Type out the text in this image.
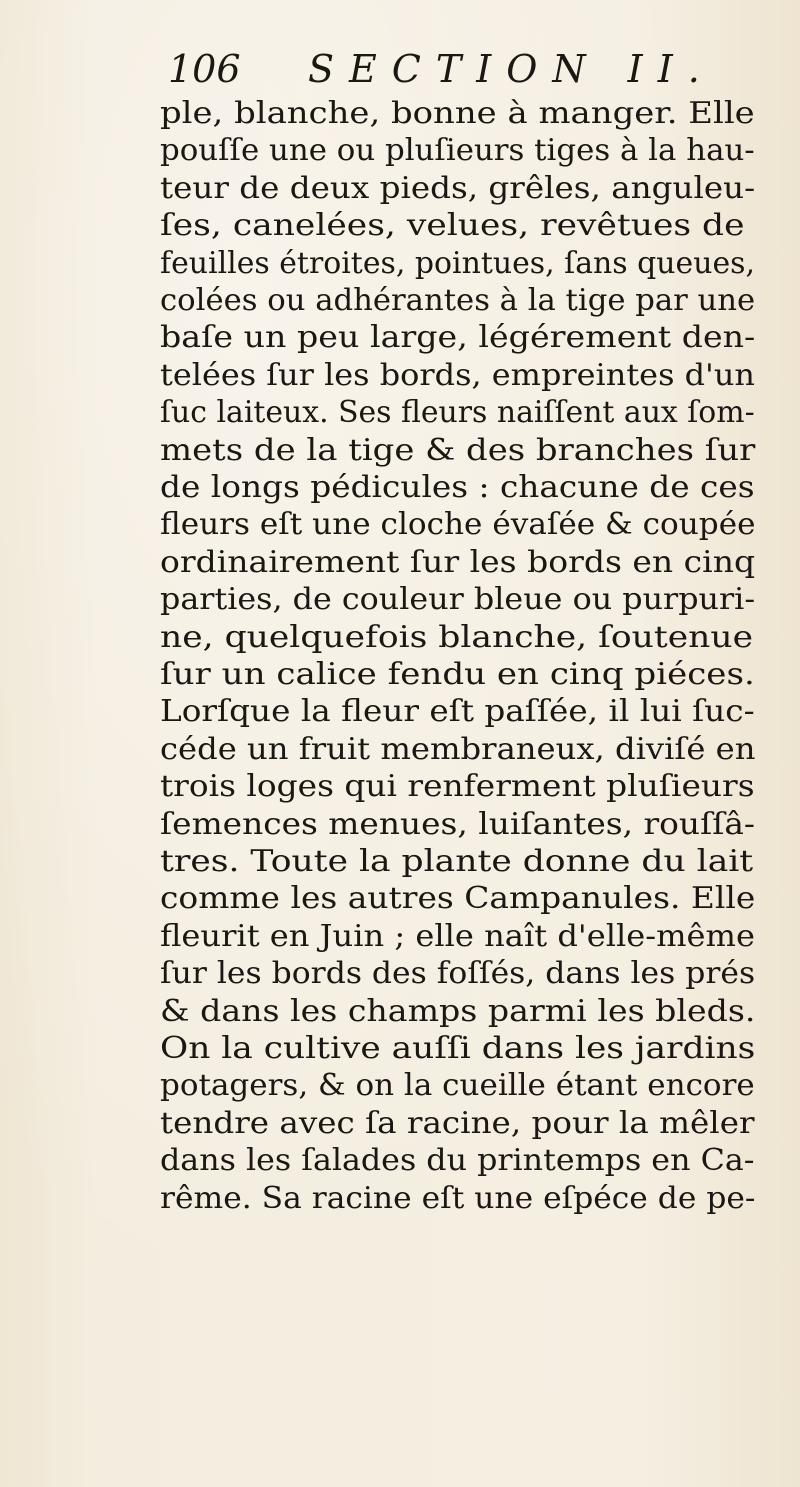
106 SECTION II.
ple, blanche, bonne à manger. Elle
pouſſe une ou pluſieurs tiges à la hau-
teur de deux pieds, grêles, anguleu-
ſes, canelées, velues, revêtues de
feuilles étroites, pointues, ſans queues,
colées ou adhérantes à la tige par une
baſe un peu large, légérement den-
telées ſur les bords, empreintes d'un
ſuc laiteux. Ses fleurs naiſſent aux ſom-
mets de la tige & des branches ſur
de longs pédicules : chacune de ces
fleurs eſt une cloche évaſée & coupée
ordinairement ſur les bords en cinq
parties, de couleur bleue ou purpuri-
ne, quelquefois blanche, ſoutenue
ſur un calice fendu en cinq piéces.
Lorſque la fleur eſt paſſée, il lui ſuc-
céde un fruit membraneux, diviſé en
trois loges qui renferment pluſieurs
ſemences menues, luiſantes, rouſſâ-
tres. Toute la plante donne du lait
comme les autres Campanules. Elle
fleurit en Juin ; elle naît d'elle-même
ſur les bords des foſſés, dans les prés
& dans les champs parmi les bleds.
On la cultive auſſi dans les jardins
potagers, & on la cueille étant encore
tendre avec ſa racine, pour la mêler
dans les ſalades du printemps en Ca-
rême. Sa racine eſt une eſpéce de pe-
